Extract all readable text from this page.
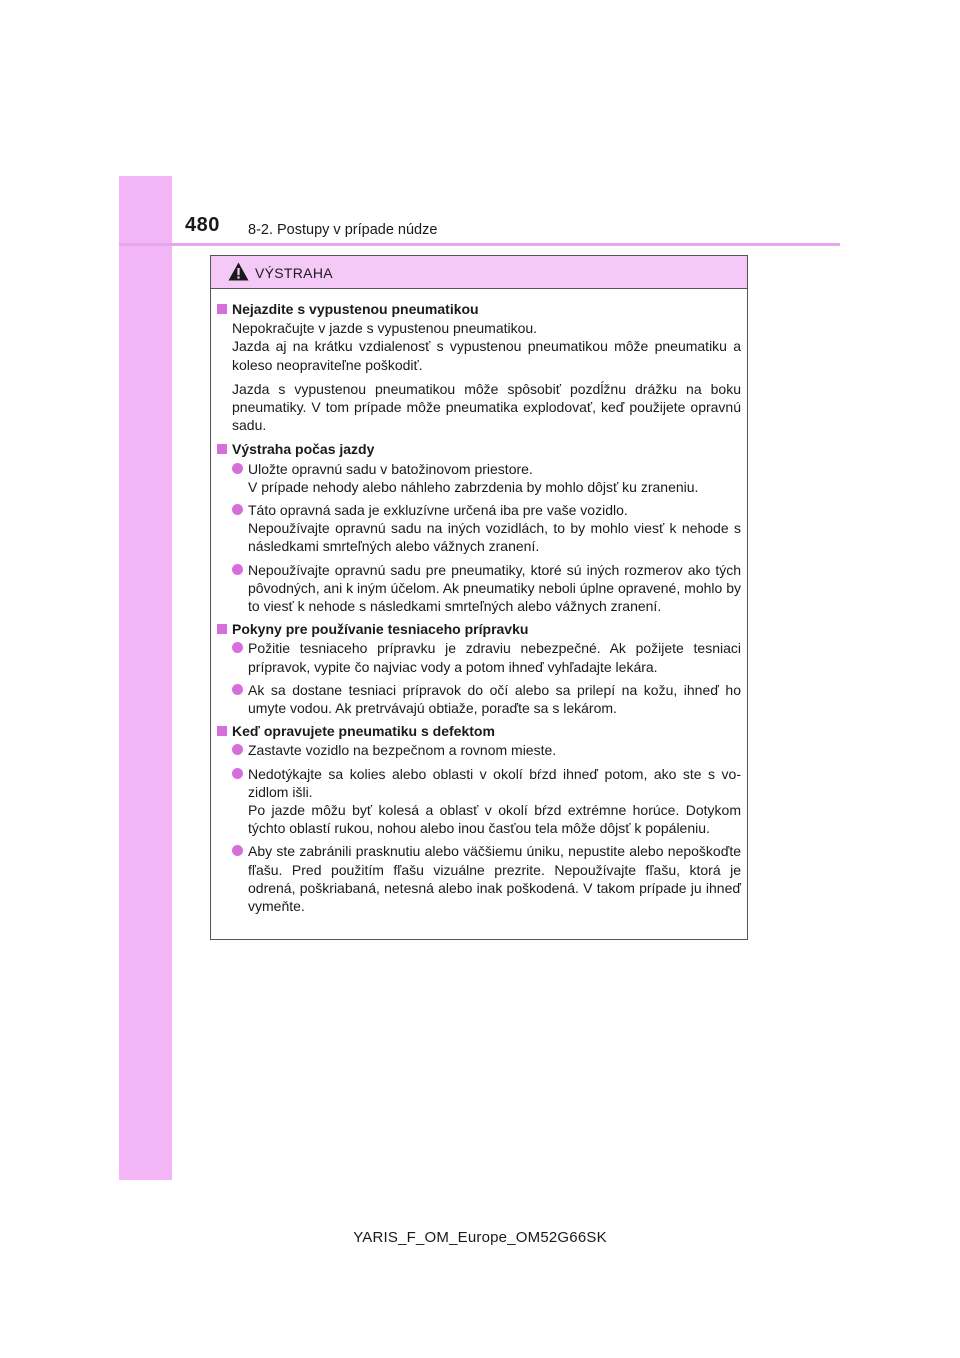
480 8-2. Postupy v prípade núdze
VÝSTRAHA
Nejazdite s vypustenou pneumatikou
Nepokračujte v jazde s vypustenou pneumatikou.
Jazda aj na krátku vzdialenosť s vypustenou pneumatikou môže pneumatiku a koleso neopraviteľne poškodiť.
Jazda s vypustenou pneumatikou môže spôsobiť pozdĺžnu drážku na boku pneumatiky. V tom prípade môže pneumatika explodovať, keď použijete opravnú sadu.
Výstraha počas jazdy
Uložte opravnú sadu v batožinovom priestore.
V prípade nehody alebo náhleho zabrzdenia by mohlo dôjsť ku zraneniu.
Táto opravná sada je exkluzívne určená iba pre vaše vozidlo.
Nepoužívajte opravnú sadu na iných vozidlách, to by mohlo viesť k nehode s následkami smrteľných alebo vážnych zranení.
Nepoužívajte opravnú sadu pre pneumatiky, ktoré sú iných rozmerov ako tých pôvodných, ani k iným účelom. Ak pneumatiky neboli úplne opravené, mohlo by to viesť k nehode s následkami smrteľných alebo vážnych zranení.
Pokyny pre používanie tesniaceho prípravku
Požitie tesniaceho prípravku je zdraviu nebezpečné. Ak požijete tesniaci prípravok, vypite čo najviac vody a potom ihneď vyhľadajte lekára.
Ak sa dostane tesniaci prípravok do očí alebo sa prilepí na kožu, ihneď ho umyte vodou. Ak pretrvávajú obtiaže, poraďte sa s lekárom.
Keď opravujete pneumatiku s defektom
Zastavte vozidlo na bezpečnom a rovnom mieste.
Nedotýkajte sa kolies alebo oblasti v okolí bŕzd ihneď potom, ako ste s vozidlom išli.
Po jazde môžu byť kolesá a oblasť v okolí bŕzd extrémne horúce. Dotykom týchto oblastí rukou, nohou alebo inou časťou tela môže dôjsť k popáleniu.
Aby ste zabránili prasknutiu alebo väčšiemu úniku, nepustite alebo nepoškoďte fľašu. Pred použitím fľašu vizuálne prezrite. Nepoužívajte fľašu, ktorá je odrená, poškriabaná, netesná alebo inak poškodená. V takom prípade ju ihneď vymeňte.
YARIS_F_OM_Europe_OM52G66SK
